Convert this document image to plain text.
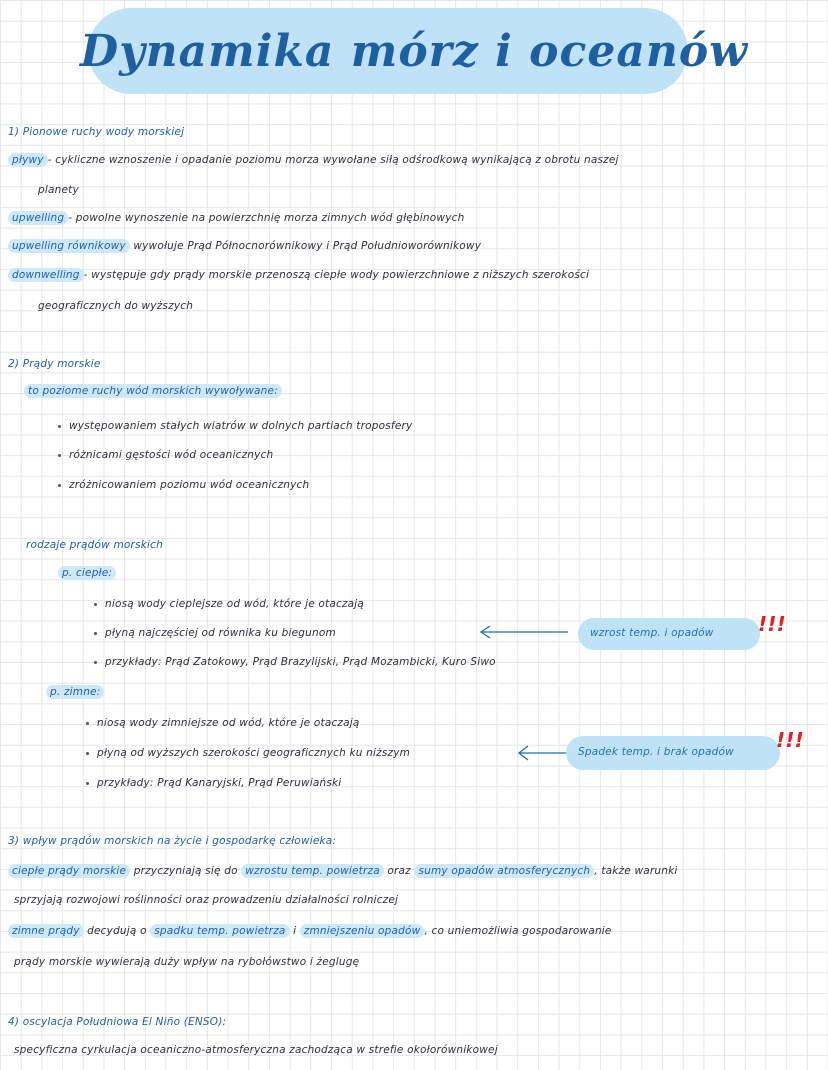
Dynamika mórz i oceanów
1) Pionowe ruchy wody morskiej
pływy - cykliczne wznoszenie i opadanie poziomu morza wywołane siłą odśrodkową wynikającą z obrotu naszej
planety
upwelling - powolne wynoszenie na powierzchnię morza zimnych wód głębinowych
upwelling równikowy wywołuje Prąd Północnorównikowy i Prąd Południoworównikowy
downwelling - występuje gdy prądy morskie przenoszą ciepłe wody powierzchniowe z niższych szerokości
geograficznych do wyższych
2) Prądy morskie
to poziome ruchy wód morskich wywoływane:
występowaniem stałych wiatrów w dolnych partiach troposfery
różnicami gęstości wód oceanicznych
zróżnicowaniem poziomu wód oceanicznych
rodzaje prądów morskich
p. ciepłe:
niosą wody cieplejsze od wód, które je otaczają
płyną najczęściej od równika ku biegunom
przykłady: Prąd Zatokowy, Prąd Brazylijski, Prąd Mozambicki, Kuro Siwo
wzrost temp. i opadów !!!
p. zimne:
niosą wody zimniejsze od wód, które je otaczają
płyną od wyższych szerokości geograficznych ku niższym
przykłady: Prąd Kanaryjski, Prąd Peruwiański
Spadek temp. i brak opadów !!!
3) wpływ prądów morskich na życie i gospodarkę człowieka:
ciepłe prądy morskie przyczyniają się do wzrostu temp. powietrza oraz sumy opadów atmosferycznych , także warunki
sprzyjają rozwojowi roślinności oraz prowadzeniu działalności rolniczej
zimne prądy decydują o spadku temp. powietrza i zmniejszeniu opadów , co uniemożliwia gospodarowanie
prądy morskie wywierają duży wpływ na rybołówstwo i żeglugę
4) oscylacja Południowa El Niño (ENSO):
specyficzna cyrkulacja oceaniczno-atmosferyczna zachodząca w strefie okołorównikowej
